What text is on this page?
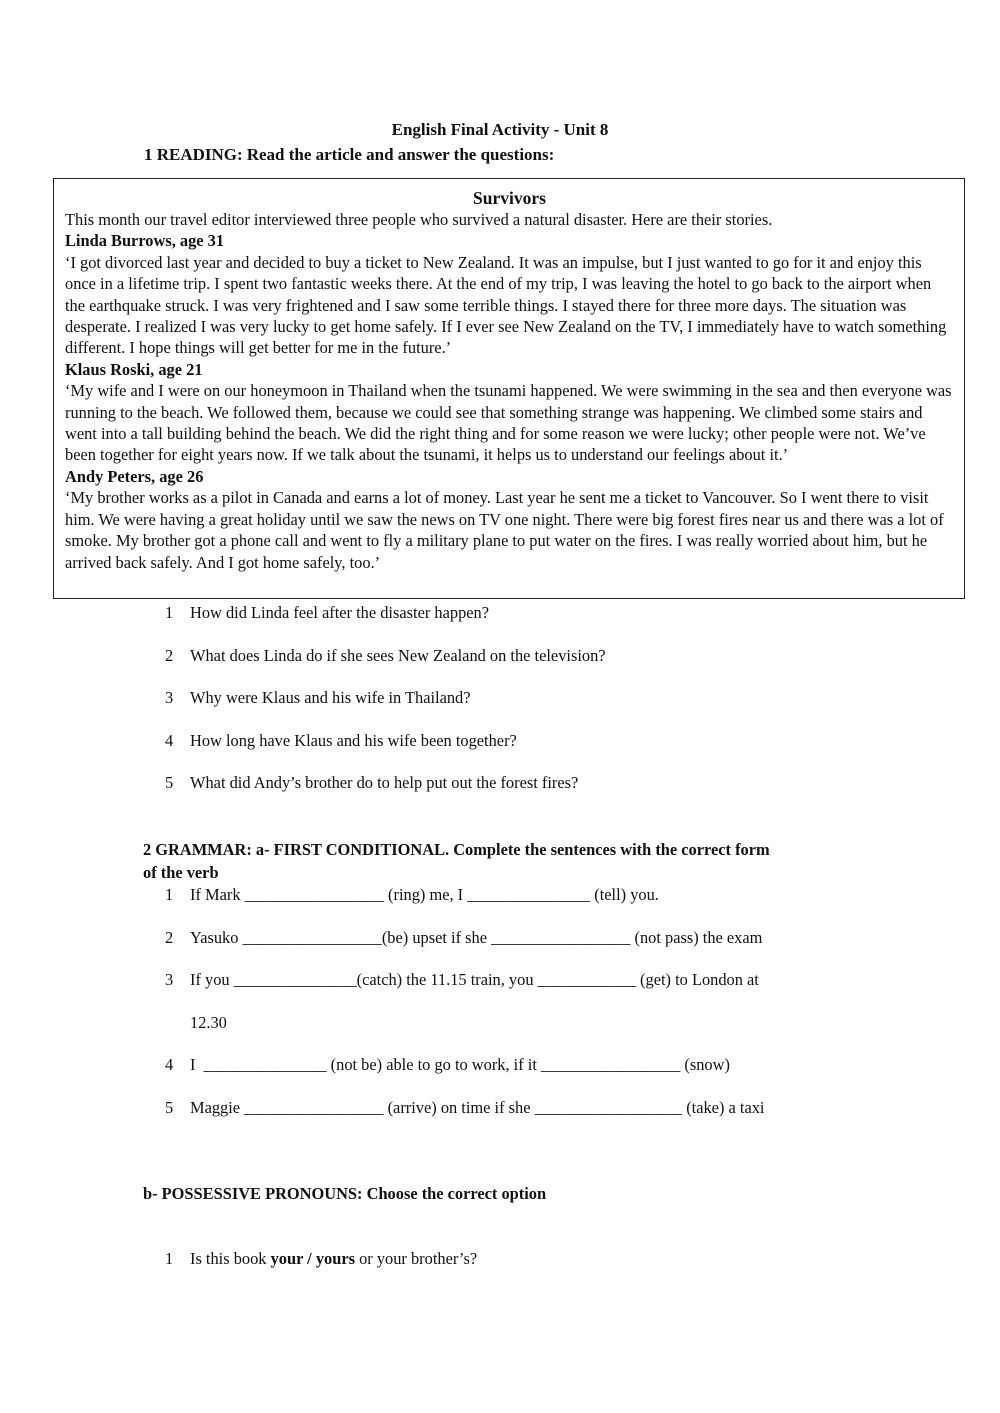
English Final Activity - Unit 8
1 READING: Read the article and answer the questions:
Survivors

This month our travel editor interviewed three people who survived a natural disaster. Here are their stories.

Linda Burrows, age 31

‘I got divorced last year and decided to buy a ticket to New Zealand. It was an impulse, but I just wanted to go for it and enjoy this once in a lifetime trip. I spent two fantastic weeks there. At the end of my trip, I was leaving the hotel to go back to the airport when the earthquake struck. I was very frightened and I saw some terrible things. I stayed there for three more days. The situation was desperate. I realized I was very lucky to get home safely. If I ever see New Zealand on the TV, I immediately have to watch something different. I hope things will get better for me in the future.’

Klaus Roski, age 21

‘My wife and I were on our honeymoon in Thailand when the tsunami happened. We were swimming in the sea and then everyone was running to the beach. We followed them, because we could see that something strange was happening. We climbed some stairs and went into a tall building behind the beach. We did the right thing and for some reason we were lucky; other people were not. We’ve been together for eight years now. If we talk about the tsunami, it helps us to understand our feelings about it.’

Andy Peters, age 26

‘My brother works as a pilot in Canada and earns a lot of money. Last year he sent me a ticket to Vancouver. So I went there to visit him. We were having a great holiday until we saw the news on TV one night. There were big forest fires near us and there was a lot of smoke. My brother got a phone call and went to fly a military plane to put water on the fires. I was really worried about him, but he arrived back safely. And I got home safely, too.’

1 How did Linda feel after the disaster happen?
2 What does Linda do if she sees New Zealand on the television?
3 Why were Klaus and his wife in Thailand?
4 How long have Klaus and his wife been together?
5 What did Andy’s brother do to help put out the forest fires?
2 GRAMMAR: a- FIRST CONDITIONAL. Complete the sentences with the correct form
of the verb
1 If Mark _________________ (ring) me, I _______________ (tell) you.
2 Yasuko _________________(be) upset if she _________________ (not pass) the exam
3 If you _______________(catch) the 11.15 train, you ____________ (get) to London at
12.30
4 I  _______________ (not be) able to go to work, if it _________________ (snow)
5 Maggie _________________ (arrive) on time if she __________________ (take) a taxi
b- POSSESSIVE PRONOUNS: Choose the correct option
1 Is this book your / yours or your brother’s?
